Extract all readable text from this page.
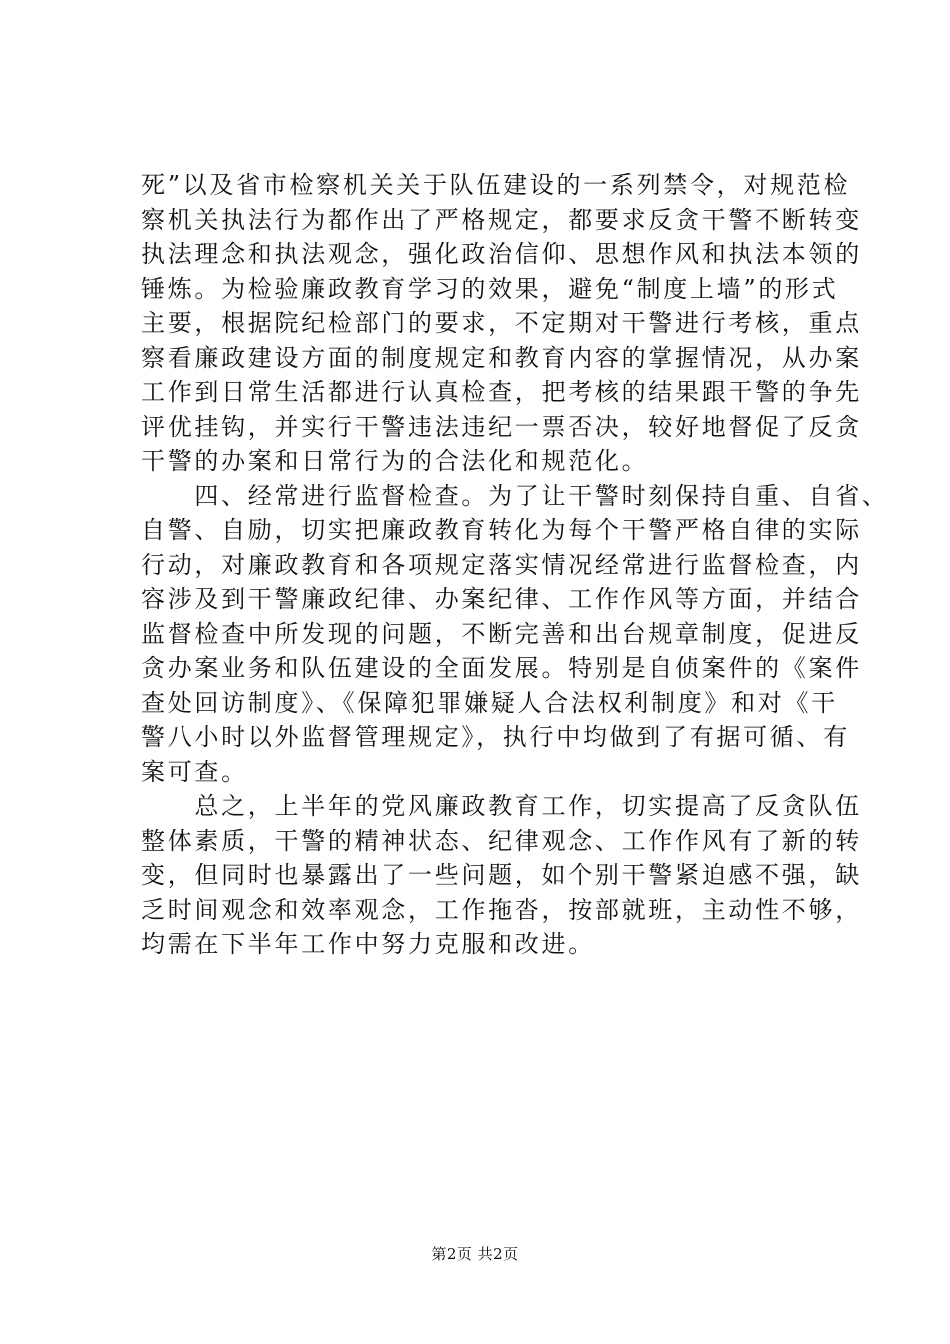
死”以及省市检察机关关于队伍建设的一系列禁令，对规范检
察机关执法行为都作出了严格规定，都要求反贪干警不断转变
执法理念和执法观念，强化政治信仰、思想作风和执法本领的
锤炼。为检验廉政教育学习的效果，避免“制度上墙”的形式
主要，根据院纪检部门的要求，不定期对干警进行考核，重点
察看廉政建设方面的制度规定和教育内容的掌握情况，从办案
工作到日常生活都进行认真检查，把考核的结果跟干警的争先
评优挂钩，并实行干警违法违纪一票否决，较好地督促了反贪
干警的办案和日常行为的合法化和规范化。
　　四、经常进行监督检查。为了让干警时刻保持自重、自省、
自警、自励，切实把廉政教育转化为每个干警严格自律的实际
行动，对廉政教育和各项规定落实情况经常进行监督检查，内
容涉及到干警廉政纪律、办案纪律、工作作风等方面，并结合
监督检查中所发现的问题，不断完善和出台规章制度，促进反
贪办案业务和队伍建设的全面发展。特别是自侦案件的《案件
查处回访制度》、《保障犯罪嫌疑人合法权利制度》和对《干
警八小时以外监督管理规定》，执行中均做到了有据可循、有
案可查。
　　总之，上半年的党风廉政教育工作，切实提高了反贪队伍
整体素质，干警的精神状态、纪律观念、工作作风有了新的转
变，但同时也暴露出了一些问题，如个别干警紧迫感不强，缺
乏时间观念和效率观念，工作拖沓，按部就班，主动性不够，
均需在下半年工作中努力克服和改进。
第2页 共2页
